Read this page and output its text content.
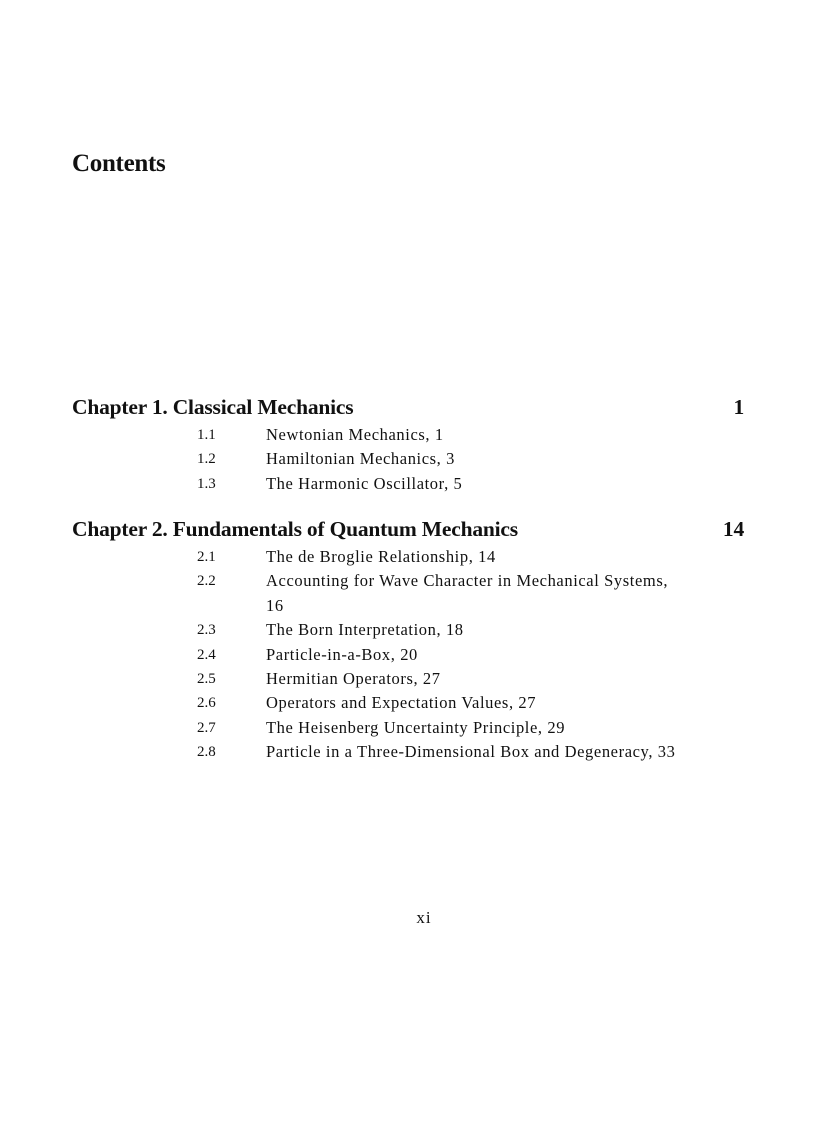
Contents
Chapter 1. Classical Mechanics	1
1.1	Newtonian Mechanics, 1
1.2	Hamiltonian Mechanics, 3
1.3	The Harmonic Oscillator, 5
Chapter 2. Fundamentals of Quantum Mechanics	14
2.1	The de Broglie Relationship, 14
2.2	Accounting for Wave Character in Mechanical Systems, 16
2.3	The Born Interpretation, 18
2.4	Particle-in-a-Box, 20
2.5	Hermitian Operators, 27
2.6	Operators and Expectation Values, 27
2.7	The Heisenberg Uncertainty Principle, 29
2.8	Particle in a Three-Dimensional Box and Degeneracy, 33
xi
